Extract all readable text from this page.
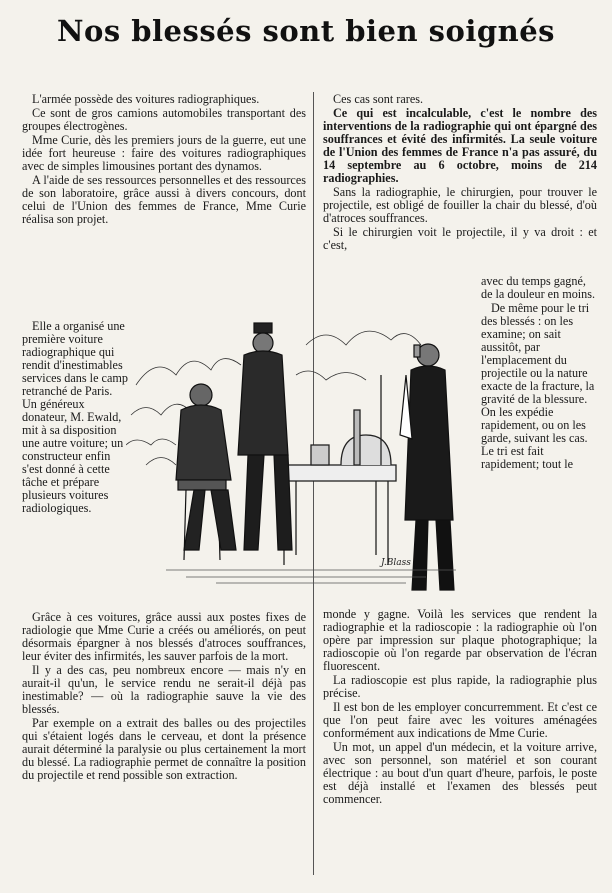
Nos blessés sont bien soignés

L'armée possède des voitures radiographiques.

Ce sont de gros camions automobiles transportant des groupes électrogènes.

Mme Curie, dès les premiers jours de la guerre, eut une idée fort heureuse : faire des voitures radiographiques avec de simples limousines portant des dynamos.

A l'aide de ses ressources personnelles et des ressources de son laboratoire, grâce aussi à divers concours, dont celui de l'Union des femmes de France, Mme Curie réalisa son projet.

Elle a organisé une première voiture radiographique qui rendit d'inestimables services dans le camp retranché de Paris. Un généreux donateur, M. Ewald, mit à sa disposition une autre voiture; un constructeur enfin s'est donné à cette tâche et prépare plusieurs voitures radiologiques.

J.Blass

Ces cas sont rares.

Ce qui est incalculable, c'est le nombre des interventions de la radiographie qui ont épargné des souffrances et évité des infirmités. La seule voiture de l'Union des femmes de France n'a pas assuré, du 14 septembre au 6 octobre, moins de 214 radiographies.

Sans la radiographie, le chirurgien, pour trouver le projectile, est obligé de fouiller la chair du blessé, d'où d'atroces souffrances.

Si le chirurgien voit le projectile, il y va droit : et c'est,

avec du temps gagné, de la douleur en moins.

De même pour le tri des blessés : on les examine; on sait aussitôt, par l'emplacement du projectile ou la nature exacte de la fracture, la gravité de la blessure. On les expédie rapidement, ou on les garde, suivant les cas. Le tri est fait rapidement; tout le

monde y gagne. Voilà les services que rendent la radiographie et la radioscopie : la radiographie où l'on opère par impression sur plaque photographique; la radioscopie où l'on regarde par observation de l'écran fluorescent.

La radioscopie est plus rapide, la radiographie plus précise.

Il est bon de les employer concurremment. Et c'est ce que l'on peut faire avec les voitures aménagées conformément aux indications de Mme Curie.

Un mot, un appel d'un médecin, et la voiture arrive, avec son personnel, son matériel et son courant électrique : au bout d'un quart d'heure, parfois, le poste est déjà installé et l'examen des blessés peut commencer.

Grâce à ces voitures, grâce aussi aux postes fixes de radiologie que Mme Curie a créés ou améliorés, on peut désormais épargner à nos blessés d'atroces souffrances, leur éviter des infirmités, les sauver parfois de la mort.

Il y a des cas, peu nombreux encore — mais n'y en aurait-il qu'un, le service rendu ne serait-il déjà pas inestimable? — où la radiographie sauve la vie des blessés.

Par exemple on a extrait des balles ou des projectiles qui s'étaient logés dans le cerveau, et dont la présence aurait déterminé la paralysie ou plus certainement la mort du blessé. La radiographie permet de connaître la position du projectile et rend possible son extraction.
